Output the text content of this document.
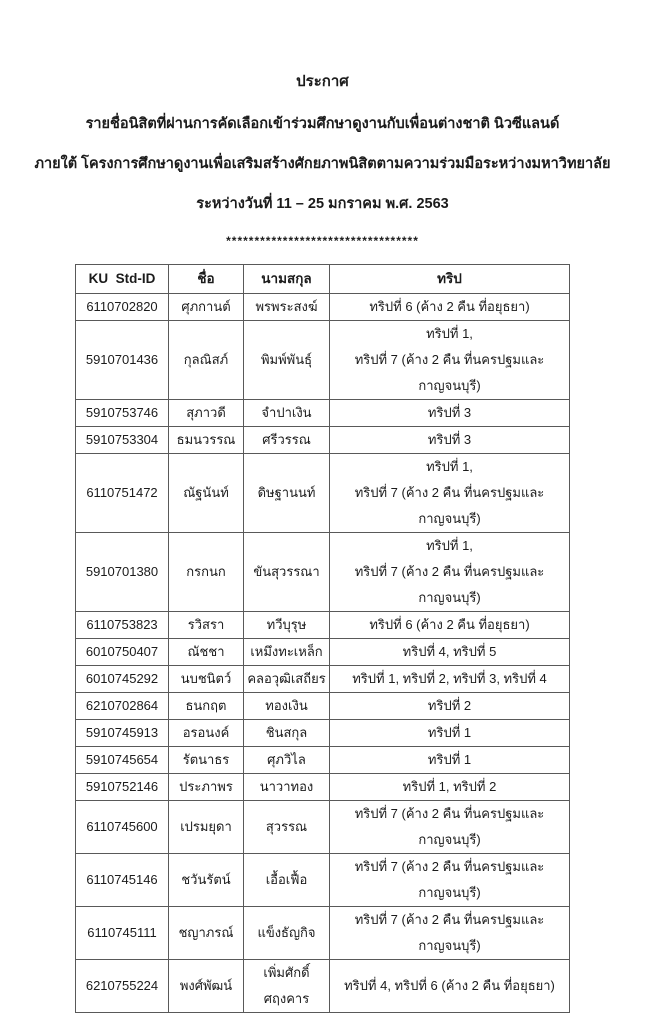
ประกาศ
รายชื่อนิสิตที่ผ่านการคัดเลือกเข้าร่วมศึกษาดูงานกับเพื่อนต่างชาติ นิวซีแลนด์
ภายใต้ โครงการศึกษาดูงานเพื่อเสริมสร้างศักยภาพนิสิตตามความร่วมมือระหว่างมหาวิทยาลัย
ระหว่างวันที่ 11 – 25 มกราคม พ.ศ. 2563
**********************************
KU  Std-ID	ชื่อ	นามสกุล	ทริป
6110702820	ศุภกานต์	พรพระสงฆ์	ทริปที่ 6 (ค้าง 2 คืน ที่อยุธยา)

5910701436	กุลณิสภ์	พิมพ์พันธุ์	ทริปที่ 1,
ทริปที่ 7 (ค้าง 2 คืน ที่นครปฐมและกาญจนบุรี)

5910753746	สุภาวดี	จำปาเงิน	ทริปที่ 3

5910753304	ธมนวรรณ	ศรีวรรณ	ทริปที่ 3

6110751472	ณัฐนันท์	ดิษฐานนท์	ทริปที่ 1,
ทริปที่ 7 (ค้าง 2 คืน ที่นครปฐมและกาญจนบุรี)

5910701380	กรกนก	ขันสุวรรณา	ทริปที่ 1,
ทริปที่ 7 (ค้าง 2 คืน ที่นครปฐมและกาญจนบุรี)

6110753823	รวิสรา	ทวีบุรุษ	ทริปที่ 6 (ค้าง 2 คืน ที่อยุธยา)

6010750407	ณัชชา	เหมึงทะเหล็ก	ทริปที่ 4, ทริปที่ 5

6010745292	นบชนิตว์	คลอวุฒิเสถียร	ทริปที่ 1, ทริปที่ 2, ทริปที่ 3, ทริปที่ 4

6210702864	ธนกฤต	ทองเงิน	ทริปที่ 2

5910745913	อรอนงค์	ชินสกุล	ทริปที่ 1

5910745654	รัตนาธร	ศุภวิไล	ทริปที่ 1

5910752146	ประภาพร	นาวาทอง	ทริปที่ 1, ทริปที่ 2

6110745600	เปรมยุดา	สุวรรณ	ทริปที่ 7 (ค้าง 2 คืน ที่นครปฐมและกาญจนบุรี)

6110745146	ชวันรัตน์	เอื้อเฟื้อ	ทริปที่ 7 (ค้าง 2 คืน ที่นครปฐมและกาญจนบุรี)

6110745111	ชญาภรณ์	แข็งธัญกิจ	ทริปที่ 7 (ค้าง 2 คืน ที่นครปฐมและกาญจนบุรี)

6210755224	พงศ์พัฒน์	เพิ่มศักดิ์ศฤงคาร	ทริปที่ 4, ทริปที่ 6 (ค้าง 2 คืน ที่อยุธยา)
